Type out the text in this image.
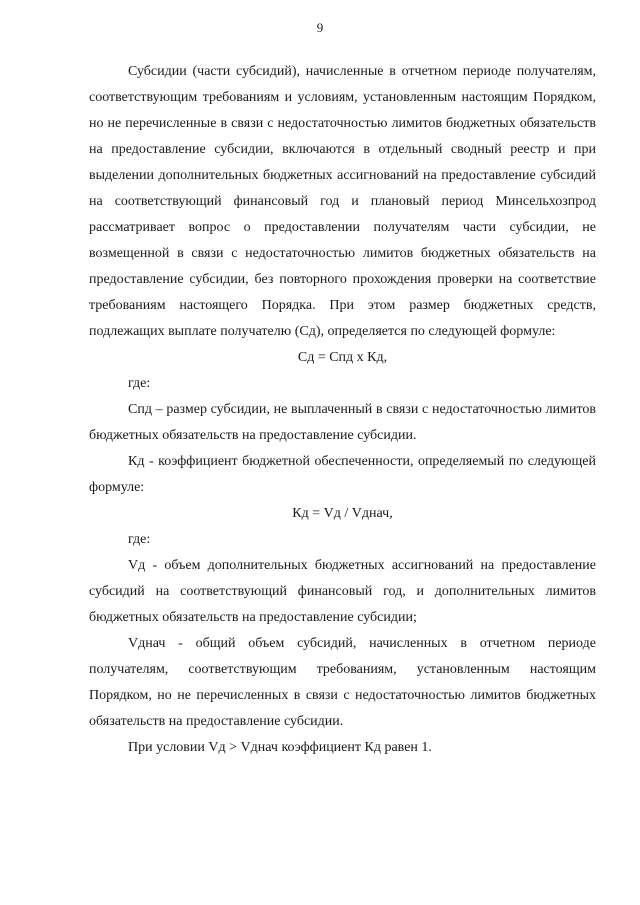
9

Субсидии (части субсидий), начисленные в отчетном периоде получателям, соответствующим требованиям и условиям, установленным настоящим Порядком, но не перечисленные в связи с недостаточностью лимитов бюджетных обязательств на предоставление субсидии, включаются в отдельный сводный реестр и при выделении дополнительных бюджетных ассигнований на предоставление субсидий на соответствующий финансовый год и плановый период Минсельхозпрод рассматривает вопрос о предоставлении получателям части субсидии, не возмещенной в связи с недостаточностью лимитов бюджетных обязательств на предоставление субсидии, без повторного прохождения проверки на соответствие требованиям настоящего Порядка. При этом размер бюджетных средств, подлежащих выплате получателю (Сд), определяется по следующей формуле:

Сд = Спд х Кд,

где:

Спд – размер субсидии, не выплаченный в связи с недостаточностью лимитов бюджетных обязательств на предоставление субсидии.

Кд - коэффициент бюджетной обеспеченности, определяемый по следующей формуле:

Кд = Vд / Vднач,

где:

Vд - объем дополнительных бюджетных ассигнований на предоставление субсидий на соответствующий финансовый год, и дополнительных лимитов бюджетных обязательств на предоставление субсидии;

Vднач - общий объем субсидий, начисленных в отчетном периоде получателям, соответствующим требованиям, установленным настоящим Порядком, но не перечисленных в связи с недостаточностью лимитов бюджетных обязательств на предоставление субсидии.

При условии Vд > Vднач коэффициент Кд равен 1.
